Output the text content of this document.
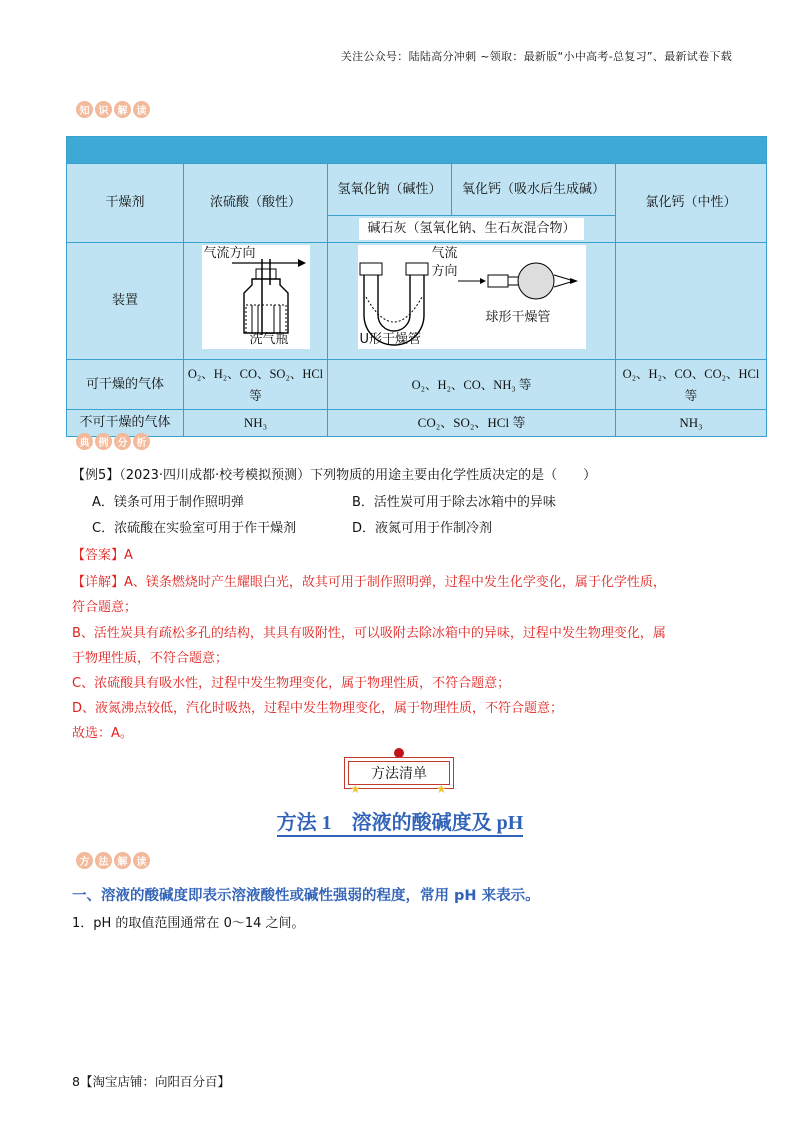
关注公众号：陆陆高分冲刺 ~领取：最新版“小中高考-总复习”、最新试卷下载
知 识 解 读

干燥剂	浓硫酸（酸性）	氢氧化钠（碱性）	氧化钙（吸水后生成碱）	氯化钙（中性）
		碱石灰（氢氧化钠、生石灰混合物）		
装置	气流方向
洗气瓶	U形干燥管
气流
方向
球形干燥管		

可干燥的气体	O₂、H₂、CO、SO₂、HCl 等	O₂、H₂、CO、NH₃ 等		O₂、H₂、CO、CO₂、HCl 等
不可干燥的气体	NH₃	CO₂、SO₂、HCl 等		NH₃
典 例 分 析
【例5】（2023·四川成都·校考模拟预测）下列物质的用途主要由化学性质决定的是（　　）
A．镁条可用于制作照明弹	B．活性炭可用于除去冰箱中的异味
C．浓硫酸在实验室可用于作干燥剂	D．液氮可用于作制冷剂
【答案】A
【详解】A、镁条燃烧时产生耀眼白光，故其可用于制作照明弹，过程中发生化学变化，属于化学性质，
符合题意；
B、活性炭具有疏松多孔的结构，其具有吸附性，可以吸附去除冰箱中的异味，过程中发生物理变化，属
于物理性质，不符合题意；
C、浓硫酸具有吸水性，过程中发生物理变化，属于物理性质，不符合题意；
D、液氮沸点较低，汽化时吸热，过程中发生物理变化，属于物理性质，不符合题意；
故选：A。
方法清单
★	★
方法 1　溶液的酸碱度及 pH
方 法 解 读
一、溶液的酸碱度即表示溶液酸性或碱性强弱的程度，常用 pH 来表示。
1．pH 的取值范围通常在 0～14 之间。
8【淘宝店铺：向阳百分百】
